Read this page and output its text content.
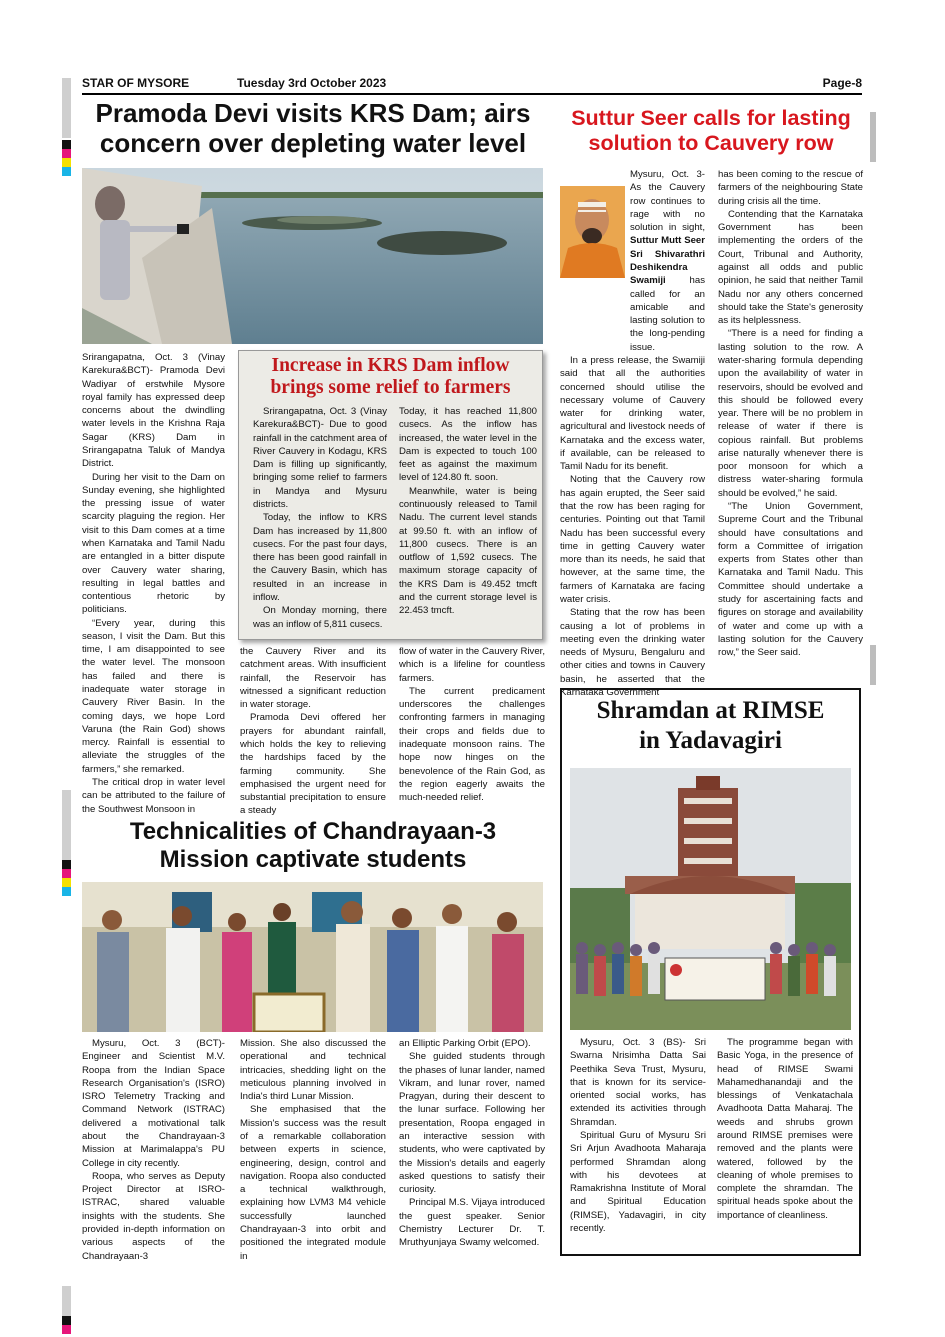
STAR OF MYSORE	Tuesday 3rd October 2023	Page-8
Pramoda Devi visits KRS Dam; airs
concern over depleting water level

Srirangapatna, Oct. 3 (Vinay Karekura&BCT)- Pramoda Devi Wadiyar of erstwhile Mysore royal family has expressed deep concerns about the dwindling water levels in the Krishna Raja Sagar (KRS) Dam in Srirangapatna Taluk of Mandya District.

During her visit to the Dam on Sunday evening, she highlighted the pressing issue of water scarcity plaguing the region. Her visit to this Dam comes at a time when Karnataka and Tamil Nadu are entangled in a bitter dispute over Cauvery water sharing, resulting in legal battles and contentious rhetoric by politicians.

“Every year, during this season, I visit the Dam. But this time, I am disappointed to see the water level. The monsoon has failed and there is inadequate water storage in Cauvery River Basin. In the coming days, we hope Lord Varuna (the Rain God) shows mercy. Rainfall is essential to alleviate the struggles of the farmers,” she remarked.

The critical drop in water level can be attributed to the failure of the Southwest Monsoon in

the Cauvery River and its catchment areas. With insufficient rainfall, the Reservoir has witnessed a significant reduction in water storage.

Pramoda Devi offered her prayers for abundant rainfall, which holds the key to relieving the hardships faced by the farming community. She emphasised the urgent need for substantial precipitation to ensure a steady

flow of water in the Cauvery River, which is a lifeline for countless farmers.

The current predicament underscores the challenges confronting farmers in managing their crops and fields due to inadequate monsoon rains. The hope now hinges on the benevolence of the Rain God, as the region eagerly awaits the much-needed relief.

Increase in KRS Dam inflow
brings some relief to farmers

Srirangapatna, Oct. 3 (Vinay Karekura&BCT)- Due to good rainfall in the catchment area of River Cauvery in Kodagu, KRS Dam is filling up significantly, bringing some relief to farmers in Mandya and Mysuru districts.

Today, the inflow to KRS Dam has increased by 11,800 cusecs. For the past four days, there has been good rainfall in the Cauvery Basin, which has resulted in an increase in inflow.

On Monday morning, there was an inflow of 5,811 cusecs.

Today, it has reached 11,800 cusecs. As the inflow has increased, the water level in the Dam is expected to touch 100 feet as against the maximum level of 124.80 ft. soon.

Meanwhile, water is being continuously released to Tamil Nadu. The current level stands at 99.50 ft. with an inflow of 11,800 cusecs. There is an outflow of 1,592 cusecs. The maximum storage capacity of the KRS Dam is 49.452 tmcft and the current storage level is 22.453 tmcft.

Suttur Seer calls for lasting
solution to Cauvery row

Mysuru, Oct. 3- As the Cauvery row continues to rage with no solution in sight, Suttur Mutt Seer Sri Shivarathri Deshikendra Swamiji has called for an amicable and lasting solution to the long-pending issue.

In a press release, the Swamiji said that all the authorities concerned should utilise the necessary volume of Cauvery water for drinking water, agricultural and livestock needs of Karnataka and the excess water, if available, can be released to Tamil Nadu for its benefit.

Noting that the Cauvery row has again erupted, the Seer said that the row has been raging for centuries. Pointing out that Tamil Nadu has been successful every time in getting Cauvery water more than its needs, he said that however, at the same time, the farmers of Karnataka are facing water crisis.

Stating that the row has been causing a lot of problems in meeting even the drinking water needs of Mysuru, Bengaluru and other cities and towns in Cauvery basin, he asserted that the Karnataka Government

has been coming to the rescue of farmers of the neighbouring State during crisis all the time.

Contending that the Karnataka Government has been implementing the orders of the Court, Tribunal and Authority, against all odds and public opinion, he said that neither Tamil Nadu nor any others concerned should take the State's generosity as its helplessness.

“There is a need for finding a lasting solution to the row. A water-sharing formula depending upon the availability of water in reservoirs, should be evolved and this should be followed every year. There will be no problem in release of water if there is copious rainfall. But problems arise naturally whenever there is poor monsoon for which a distress water-sharing formula should be evolved,” he said.

“The Union Government, Supreme Court and the Tribunal should have consultations and form a Committee of irrigation experts from States other than Karnataka and Tamil Nadu. This Committee should undertake a study for ascertaining facts and figures on storage and availability of water and come up with a lasting solution for the Cauvery row,” the Seer said.

Shramdan at RIMSE
in Yadavagiri

Mysuru, Oct. 3 (BS)- Sri Swarna Nrisimha Datta Sai Peethika Seva Trust, Mysuru, that is known for its service-oriented social works, has extended its activities through Shramdan.

Spiritual Guru of Mysuru Sri Sri Arjun Avadhoota Maharaja performed Shramdan along with his devotees at Ramakrishna Institute of Moral and Spiritual Education (RIMSE), Yadavagiri, in city recently.

The programme began with Basic Yoga, in the presence of head of RIMSE Swami Mahamedhanandaji and the blessings of Venkatachala Avadhoota Datta Maharaj. The weeds and shrubs grown around RIMSE premises were removed and the plants were watered, followed by the cleaning of whole premises to complete the shramdan. The spiritual heads spoke about the importance of cleanliness.

Technicalities of Chandrayaan-3
Mission captivate students

Mysuru, Oct. 3 (BCT)- Engineer and Scientist M.V. Roopa from the Indian Space Research Organisation's (ISRO) ISRO Telemetry Tracking and Command Network (ISTRAC) delivered a motivational talk about the Chandrayaan-3 Mission at Marimalappa's PU College in city recently.

Roopa, who serves as Deputy Project Director at ISRO-ISTRAC, shared valuable insights with the students. She provided in-depth information on various aspects of the Chandrayaan-3

Mission. She also discussed the operational and technical intricacies, shedding light on the meticulous planning involved in India's third Lunar Mission.

She emphasised that the Mission's success was the result of a remarkable collaboration between experts in science, engineering, design, control and navigation. Roopa also conducted a technical walkthrough, explaining how LVM3 M4 vehicle successfully launched Chandrayaan-3 into orbit and positioned the integrated module in

an Elliptic Parking Orbit (EPO).

She guided students through the phases of lunar lander, named Vikram, and lunar rover, named Pragyan, during their descent to the lunar surface. Following her presentation, Roopa engaged in an interactive session with students, who were captivated by the Mission's details and eagerly asked questions to satisfy their curiosity.

Principal M.S. Vijaya introduced the guest speaker. Senior Chemistry Lecturer Dr. T. Mruthyunjaya Swamy welcomed.
